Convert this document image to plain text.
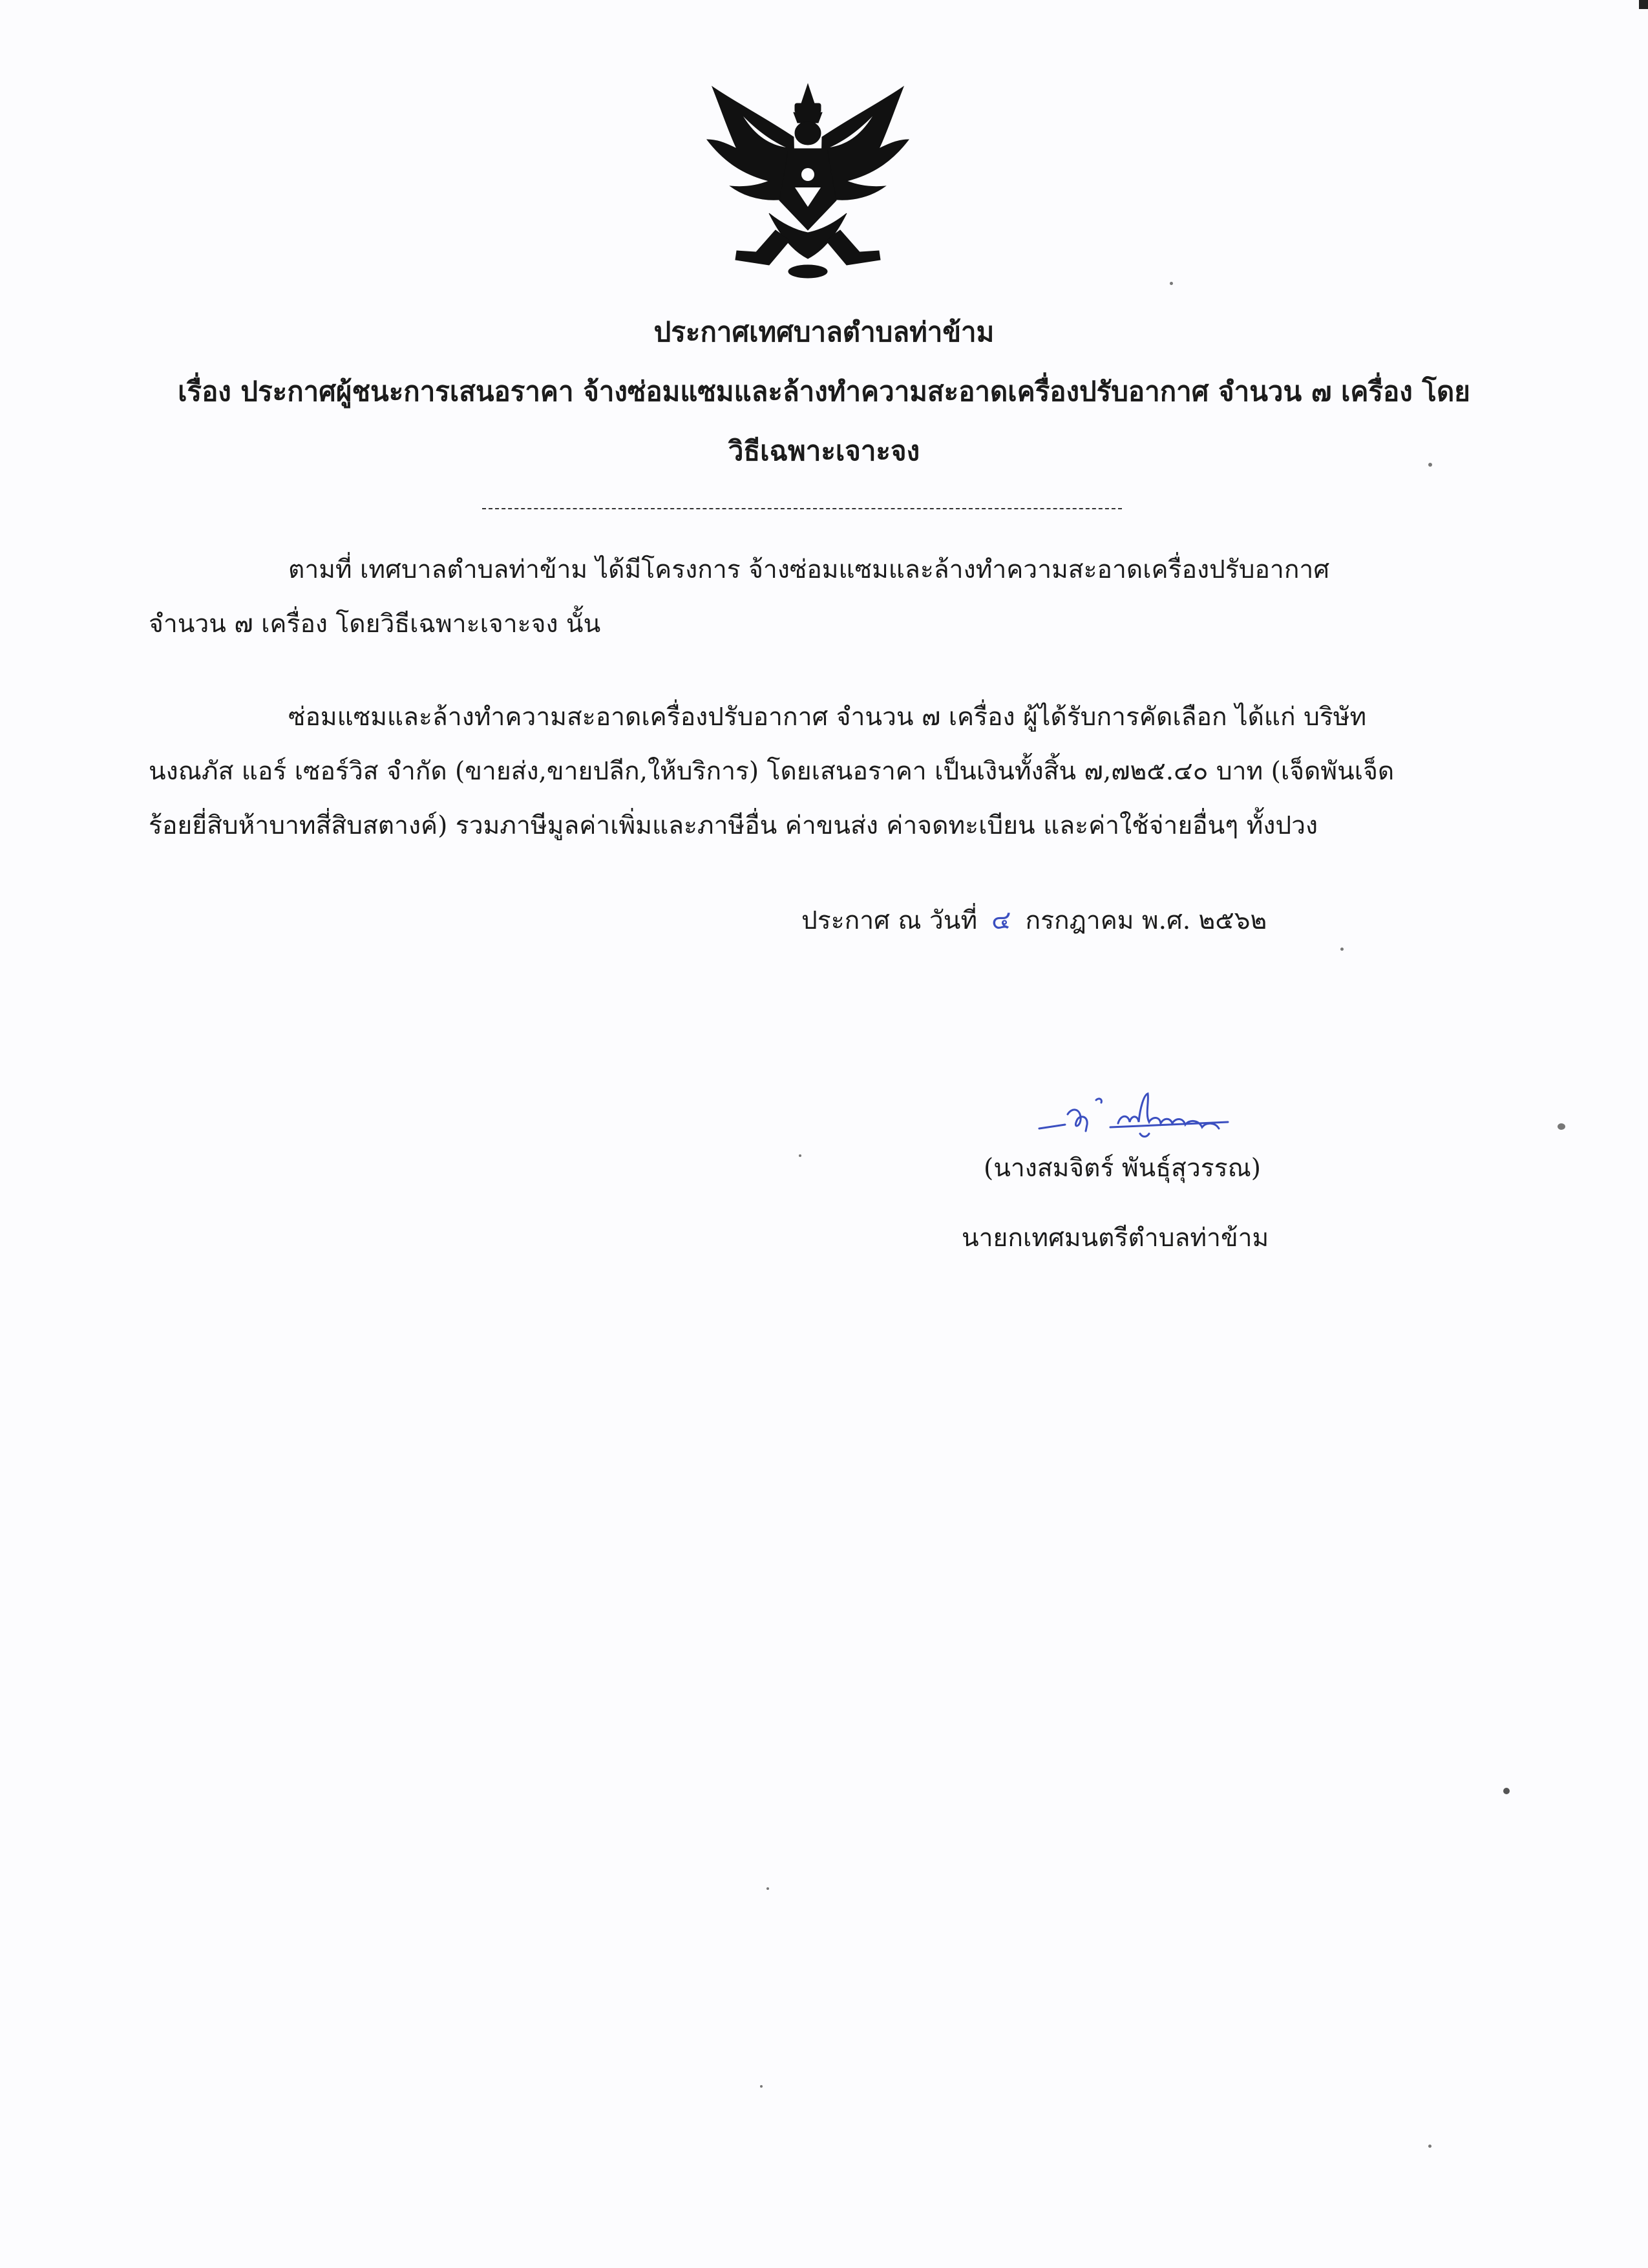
ประกาศเทศบาลตำบลท่าข้าม
เรื่อง ประกาศผู้ชนะการเสนอราคา จ้างซ่อมแซมและล้างทำความสะอาดเครื่องปรับอากาศ จำนวน ๗ เครื่อง โดย
วิธีเฉพาะเจาะจง
ตามที่ เทศบาลตำบลท่าข้าม ได้มีโครงการ จ้างซ่อมแซมและล้างทำความสะอาดเครื่องปรับอากาศ
จำนวน ๗ เครื่อง โดยวิธีเฉพาะเจาะจง นั้น
ซ่อมแซมและล้างทำความสะอาดเครื่องปรับอากาศ จำนวน ๗ เครื่อง ผู้ได้รับการคัดเลือก ได้แก่ บริษัท
นงณภัส แอร์ เซอร์วิส จำกัด (ขายส่ง,ขายปลีก,ให้บริการ) โดยเสนอราคา เป็นเงินทั้งสิ้น ๗,๗๒๕.๔๐ บาท (เจ็ดพันเจ็ด
ร้อยยี่สิบห้าบาทสี่สิบสตางค์) รวมภาษีมูลค่าเพิ่มและภาษีอื่น ค่าขนส่ง ค่าจดทะเบียน และค่าใช้จ่ายอื่นๆ ทั้งปวง
ประกาศ ณ วันที่ ๔ กรกฎาคม พ.ศ. ๒๕๖๒
(นางสมจิตร์ พันธุ์สุวรรณ)
นายกเทศมนตรีตำบลท่าข้าม
